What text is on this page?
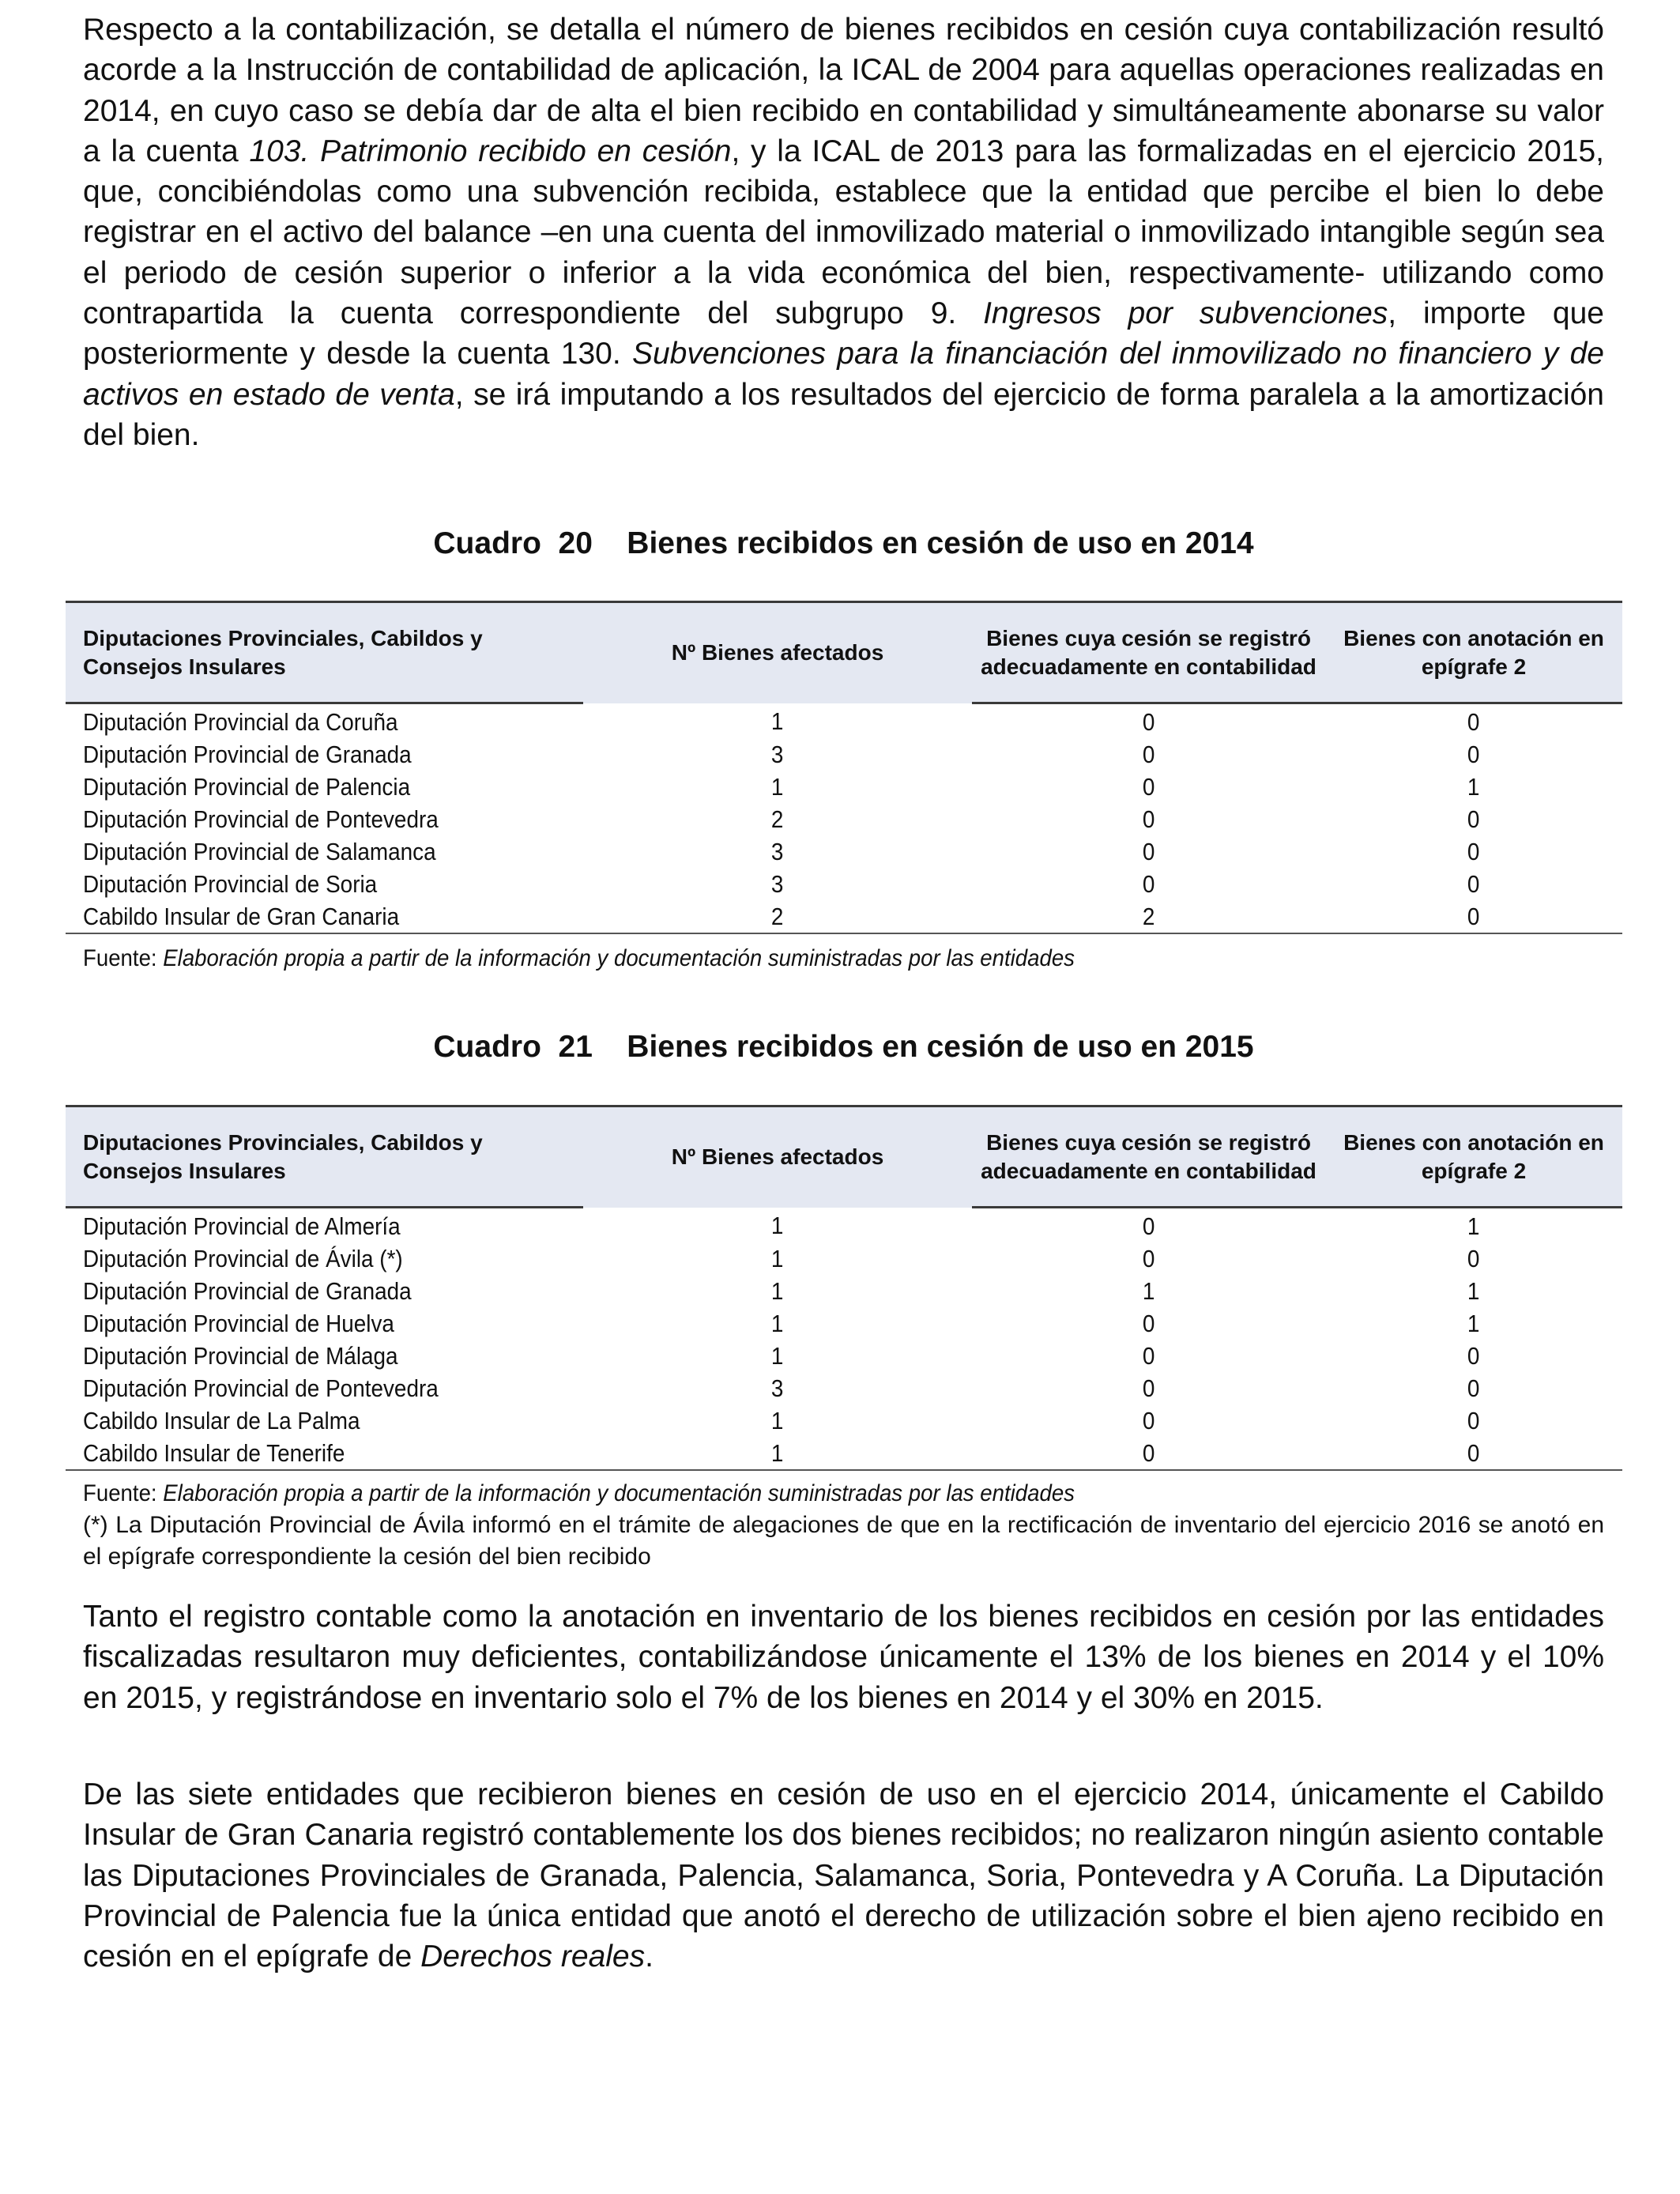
Respecto a la contabilización, se detalla el número de bienes recibidos en cesión cuya contabilización resultó acorde a la Instrucción de contabilidad de aplicación, la ICAL de 2004 para aquellas operaciones realizadas en 2014, en cuyo caso se debía dar de alta el bien recibido en contabilidad y simultáneamente abonarse su valor a la cuenta 103. Patrimonio recibido en cesión, y la ICAL de 2013 para las formalizadas en el ejercicio 2015, que, concibiéndolas como una subvención recibida, establece que la entidad que percibe el bien lo debe registrar en el activo del balance –en una cuenta del inmovilizado material o inmovilizado intangible según sea el periodo de cesión superior o inferior a la vida económica del bien, respectivamente- utilizando como contrapartida la cuenta correspondiente del subgrupo 9. Ingresos por subvenciones, importe que posteriormente y desde la cuenta 130. Subvenciones para la financiación del inmovilizado no financiero y de activos en estado de venta, se irá imputando a los resultados del ejercicio de forma paralela a la amortización del bien.

Cuadro  20    Bienes recibidos en cesión de uso en 2014
Diputaciones Provinciales, Cabildos y Consejos Insulares	Nº Bienes afectados	Bienes cuya cesión se registró adecuadamente en contabilidad	Bienes con anotación en epígrafe 2
Diputación Provincial da Coruña	1	0	0
Diputación Provincial de Granada	3	0	0
Diputación Provincial de Palencia	1	0	1
Diputación Provincial de Pontevedra	2	0	0
Diputación Provincial de Salamanca	3	0	0
Diputación Provincial de Soria	3	0	0
Cabildo Insular de Gran Canaria	2	2	0
Fuente: Elaboración propia a partir de la información y documentación suministradas por las entidades
Cuadro  21    Bienes recibidos en cesión de uso en 2015
Diputaciones Provinciales, Cabildos y Consejos Insulares	Nº Bienes afectados	Bienes cuya cesión se registró adecuadamente en contabilidad	Bienes con anotación en epígrafe 2
Diputación Provincial de Almería	1	0	1
Diputación Provincial de Ávila (*)	1	0	0
Diputación Provincial de Granada	1	1	1
Diputación Provincial de Huelva	1	0	1
Diputación Provincial de Málaga	1	0	0
Diputación Provincial de Pontevedra	3	0	0
Cabildo Insular de La Palma	1	0	0
Cabildo Insular de Tenerife	1	0	0
Fuente: Elaboración propia a partir de la información y documentación suministradas por las entidades
(*) La Diputación Provincial de Ávila informó en el trámite de alegaciones de que en la rectificación de inventario del ejercicio 2016 se anotó en el epígrafe correspondiente la cesión del bien recibido

Tanto el registro contable como la anotación en inventario de los bienes recibidos en cesión por las entidades fiscalizadas resultaron muy deficientes, contabilizándose únicamente el 13% de los bienes en 2014 y el 10% en 2015, y registrándose en inventario solo el 7% de los bienes en 2014 y el 30% en 2015.

De las siete entidades que recibieron bienes en cesión de uso en el ejercicio 2014, únicamente el Cabildo Insular de Gran Canaria registró contablemente los dos bienes recibidos; no realizaron ningún asiento contable las Diputaciones Provinciales de Granada, Palencia, Salamanca, Soria, Pontevedra y A Coruña. La Diputación Provincial de Palencia fue la única entidad que anotó el derecho de utilización sobre el bien ajeno recibido en cesión en el epígrafe de Derechos reales.
